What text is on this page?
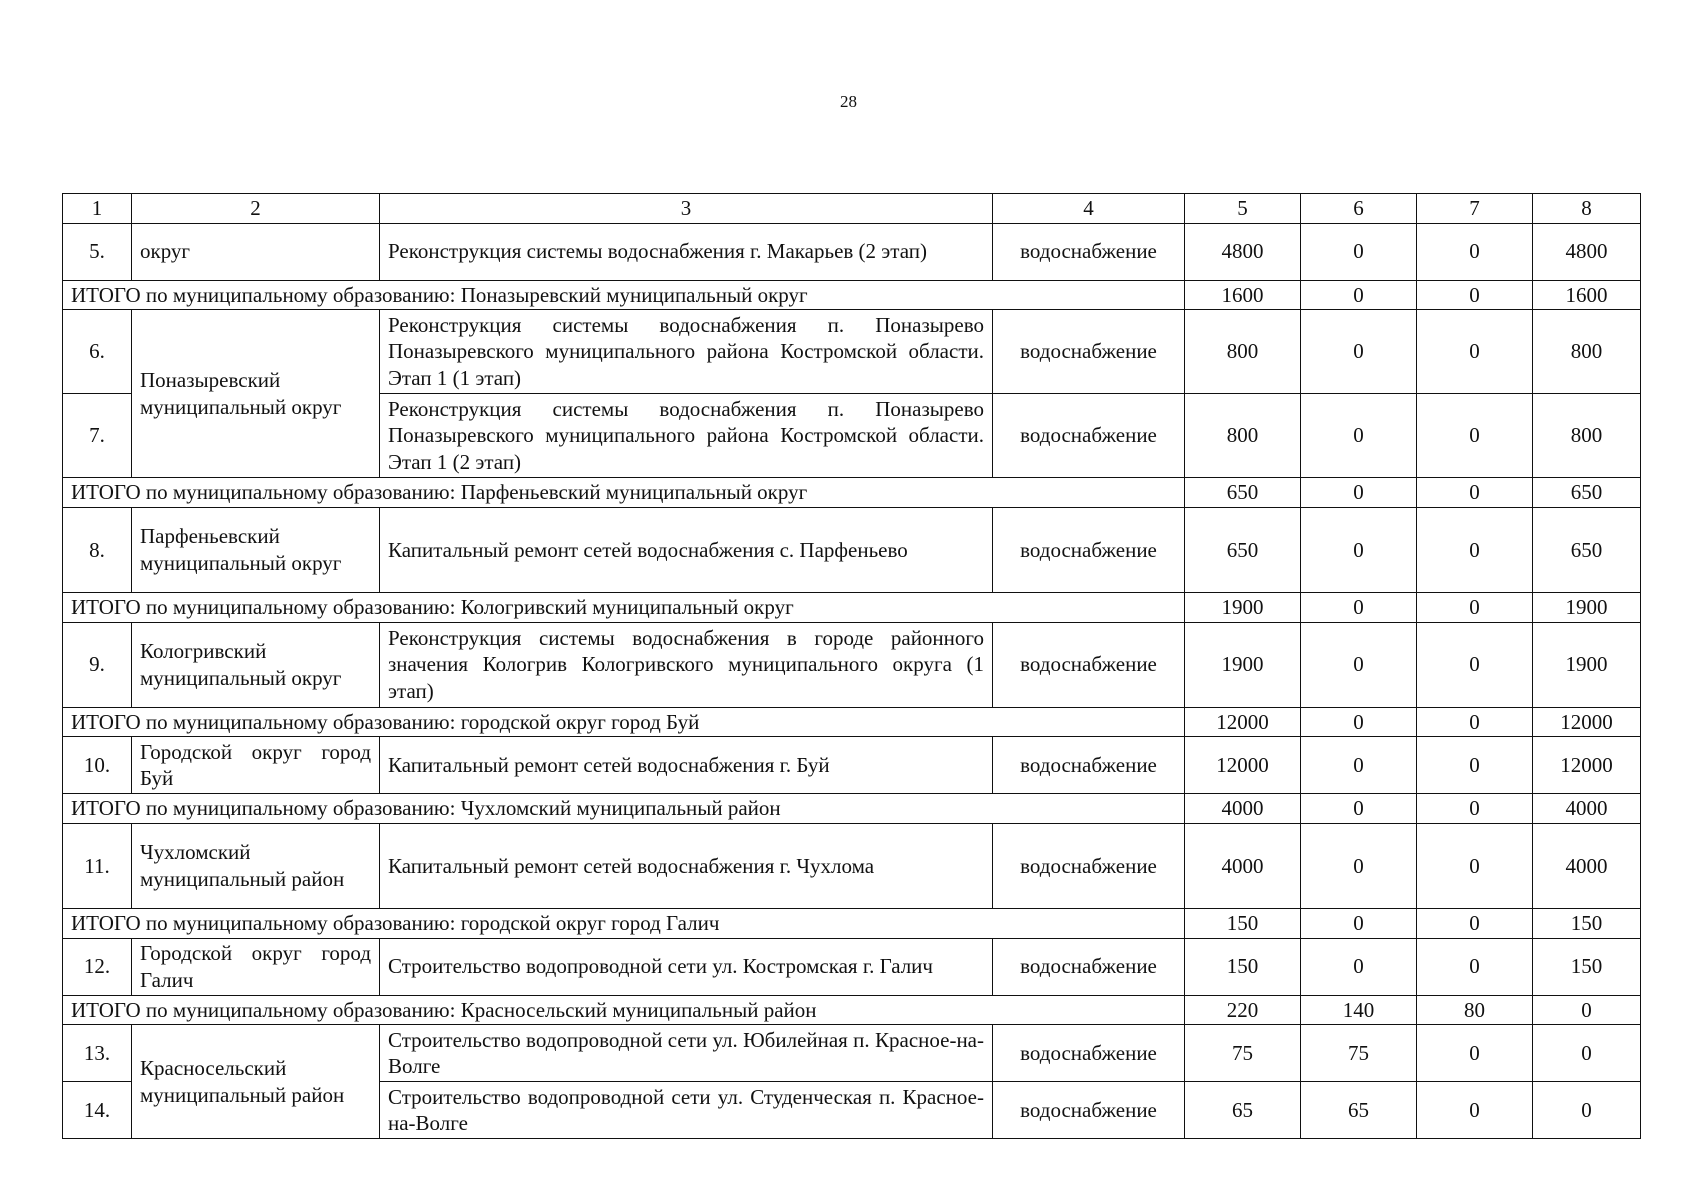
28
1	2	3	4	5	6	7	8
5.	округ	Реконструкция системы водоснабжения г. Макарьев (2 этап)	водоснабжение	4800	0	0	4800
ИТОГО по муниципальному образованию: Поназыревский муниципальный округ				1600	0	0	1600
6.	Поназыревский муниципальный округ	Реконструкция системы водоснабжения п. Поназырево Поназыревского муниципального района Костромской области. Этап 1 (1 этап)	водоснабжение	800	0	0	800
7.		Реконструкция системы водоснабжения п. Поназырево Поназыревского муниципального района Костромской области. Этап 1 (2 этап)	водоснабжение	800	0	0	800
ИТОГО по муниципальному образованию: Парфеньевский муниципальный округ				650	0	0	650
8.	Парфеньевский муниципальный округ	Капитальный ремонт сетей водоснабжения с. Парфеньево	водоснабжение	650	0	0	650
ИТОГО по муниципальному образованию: Кологривский муниципальный округ				1900	0	0	1900
9.	Кологривский муниципальный округ	Реконструкция системы водоснабжения в городе районного значения Кологрив Кологривского муниципального округа (1 этап)	водоснабжение	1900	0	0	1900
ИТОГО по муниципальному образованию: городской округ город Буй				12000	0	0	12000
10.	Городской округ город Буй	Капитальный ремонт сетей водоснабжения г. Буй	водоснабжение	12000	0	0	12000
ИТОГО по муниципальному образованию: Чухломский муниципальный район				4000	0	0	4000
11.	Чухломский муниципальный район	Капитальный ремонт сетей водоснабжения г. Чухлома	водоснабжение	4000	0	0	4000
ИТОГО по муниципальному образованию: городской округ город Галич				150	0	0	150
12.	Городской округ город Галич	Строительство водопроводной сети ул. Костромская г. Галич	водоснабжение	150	0	0	150
ИТОГО по муниципальному образованию: Красносельский муниципальный район				220	140	80	0
13.	Красносельский муниципальный район	Строительство водопроводной сети ул. Юбилейная п. Красное-на-Волге	водоснабжение	75	75	0	0
14.		Строительство водопроводной сети ул. Студенческая п. Красное-на-Волге	водоснабжение	65	65	0	0
